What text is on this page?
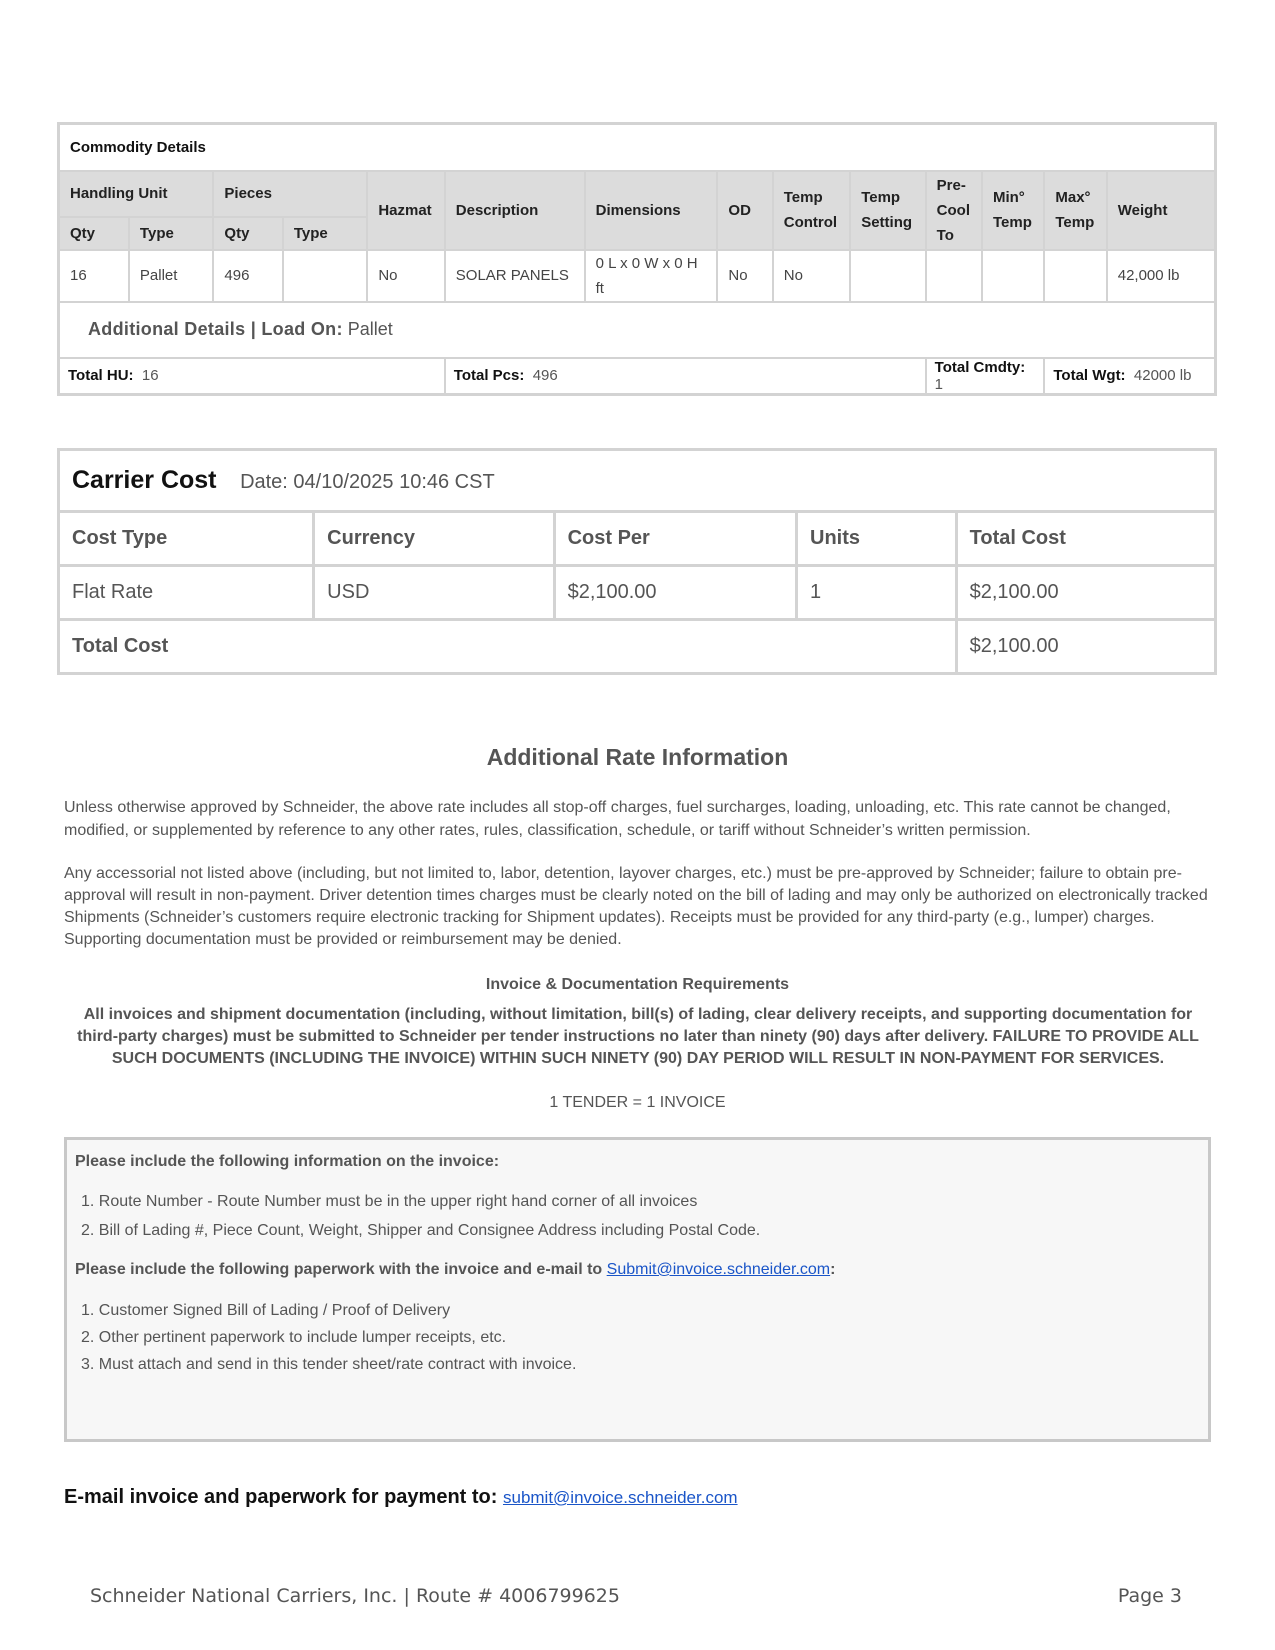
Commodity Details													
Handling Unit		Pieces		Hazmat	Description	Dimensions	OD	Temp Control	Temp Setting	Pre-Cool To	Min° Temp	Max° Temp	Weight
Qty	Type	Qty	Type										
16	Pallet	496		No	SOLAR PANELS	0 L x 0 W x 0 H ft	No	No					42,000 lb
Additional Details | Load On: Pallet													
Total HU: 16					Total Pcs: 496					Total Cmdty:  1		Total Wgt: 42000 lb	
Carrier Cost Date: 04/10/2025 10:46 CST				
Cost Type	Currency	Cost Per	Units	Total Cost
Flat Rate	USD	$2,100.00	1	$2,100.00
Total Cost				$2,100.00
Additional Rate Information

Unless otherwise approved by Schneider, the above rate includes all stop-off charges, fuel surcharges, loading, unloading, etc. This rate cannot be changed, modified, or supplemented by reference to any other rates, rules, classification, schedule, or tariff without Schneider’s written permission.

Any accessorial not listed above (including, but not limited to, labor, detention, layover charges, etc.) must be pre-approved by Schneider; failure to obtain pre-approval will result in non-payment. Driver detention times charges must be clearly noted on the bill of lading and may only be authorized on electronically tracked Shipments (Schneider’s customers require electronic tracking for Shipment updates). Receipts must be provided for any third-party (e.g., lumper) charges. Supporting documentation must be provided or reimbursement may be denied.

Invoice & Documentation Requirements
All invoices and shipment documentation (including, without limitation, bill(s) of lading, clear delivery receipts, and supporting documentation for third-party charges) must be submitted to Schneider per tender instructions no later than ninety (90) days after delivery. FAILURE TO PROVIDE ALL SUCH DOCUMENTS (INCLUDING THE INVOICE) WITHIN SUCH NINETY (90) DAY PERIOD WILL RESULT IN NON-PAYMENT FOR SERVICES.
1 TENDER = 1 INVOICE
Please include the following information on the invoice:
1. Route Number - Route Number must be in the upper right hand corner of all invoices
2. Bill of Lading #, Piece Count, Weight, Shipper and Consignee Address including Postal Code.
Please include the following paperwork with the invoice and e-mail to Submit@invoice.schneider.com:
1. Customer Signed Bill of Lading / Proof of Delivery
2. Other pertinent paperwork to include lumper receipts, etc.
3. Must attach and send in this tender sheet/rate contract with invoice.
E-mail invoice and paperwork for payment to: submit@invoice.schneider.com
Schneider National Carriers, Inc. | Route # 4006799625	Page 3
